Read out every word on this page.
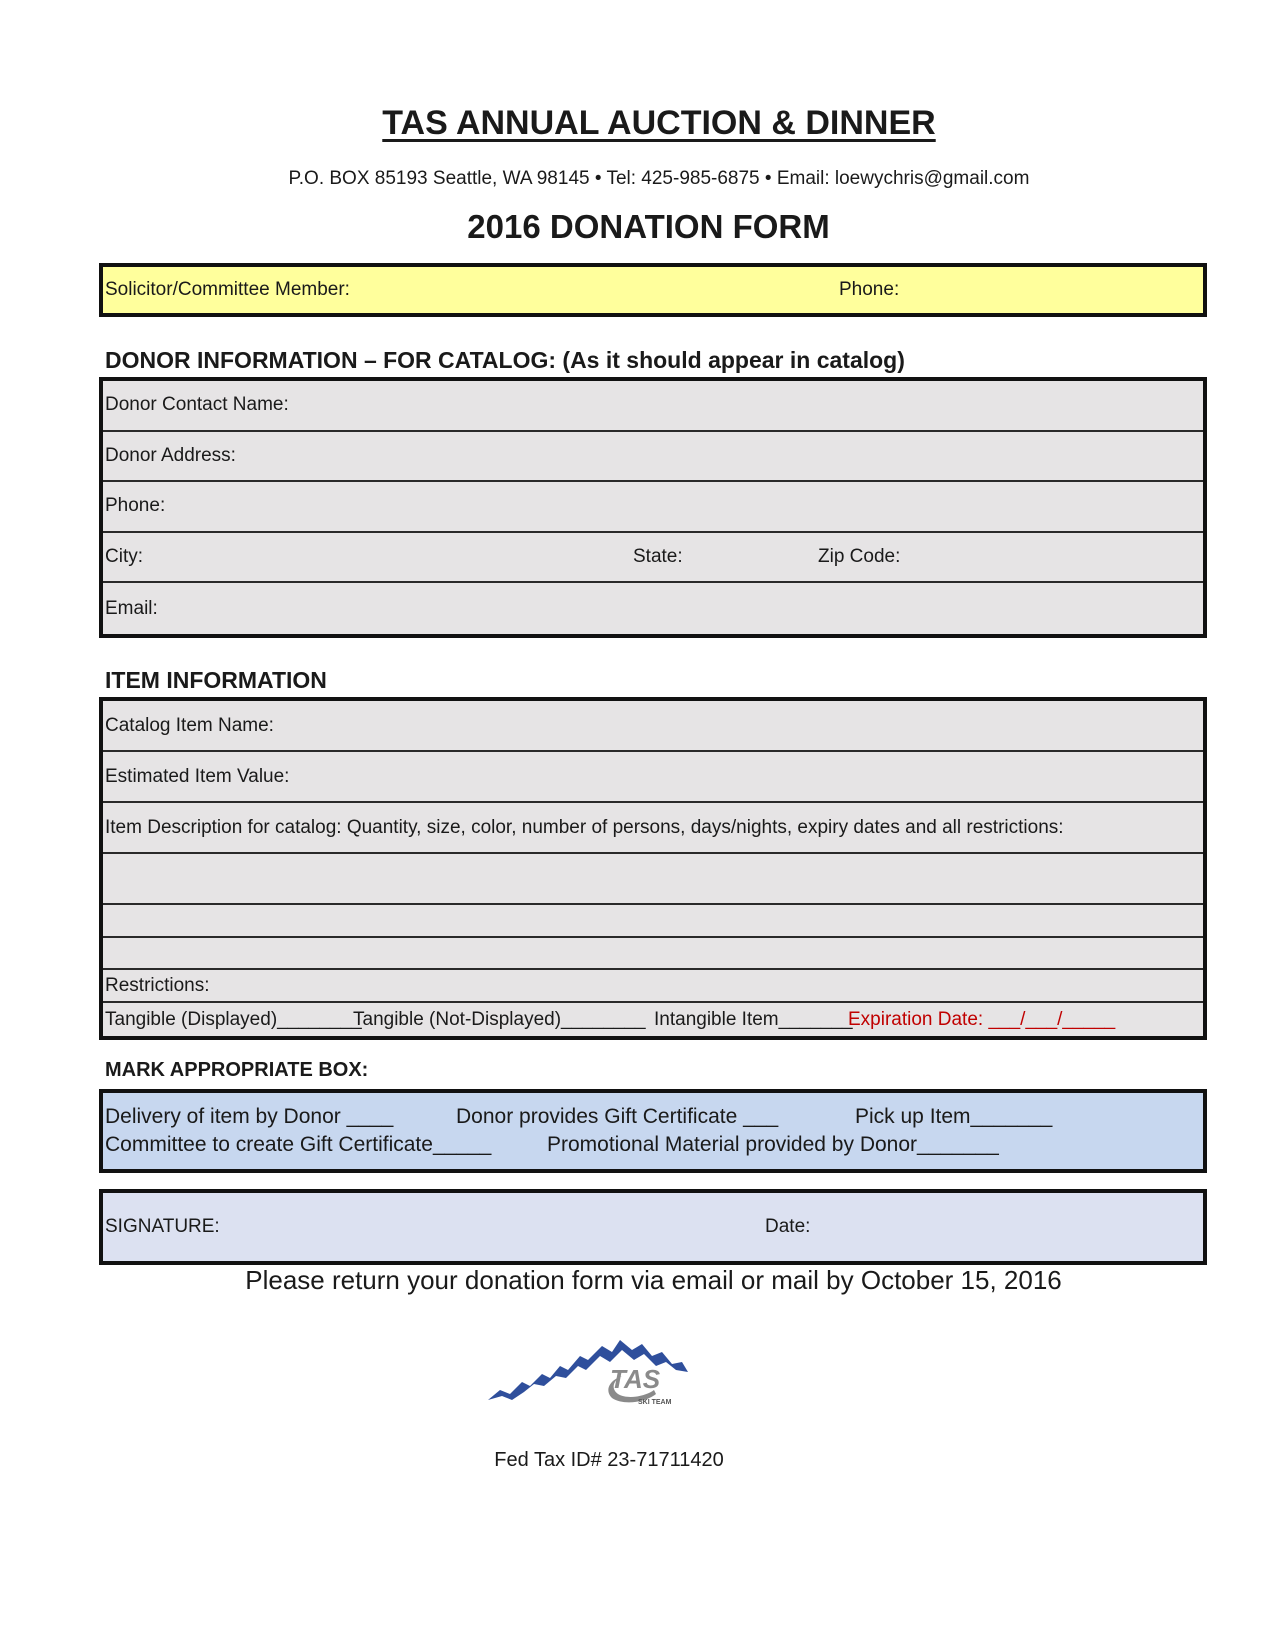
TAS ANNUAL AUCTION & DINNER
P.O. BOX 85193 Seattle, WA 98145 • Tel: 425-985-6875 • Email: loewychris@gmail.com
2016 DONATION FORM
Solicitor/Committee Member:	Phone:
DONOR INFORMATION – FOR CATALOG: (As it should appear in catalog)
Donor Contact Name:
Donor Address:
Phone:
City:	State:	Zip Code:
Email:
ITEM INFORMATION
Catalog Item Name:
Estimated Item Value:
Item Description for catalog: Quantity, size, color, number of persons, days/nights, expiry dates and all restrictions:
Restrictions:
Tangible (Displayed)________
Tangible (Not-Displayed)________ Intangible Item_______
Expiration Date: ___/___/_____
MARK APPROPRIATE BOX:
Delivery of item by Donor ____	Donor provides Gift Certificate ___	Pick up Item_______
Committee to create Gift Certificate_____	Promotional Material provided by Donor_______
SIGNATURE:	Date:
Please return your donation form via email or mail by October 15, 2016
TAS
SKI TEAM
Fed Tax ID# 23-71711420
